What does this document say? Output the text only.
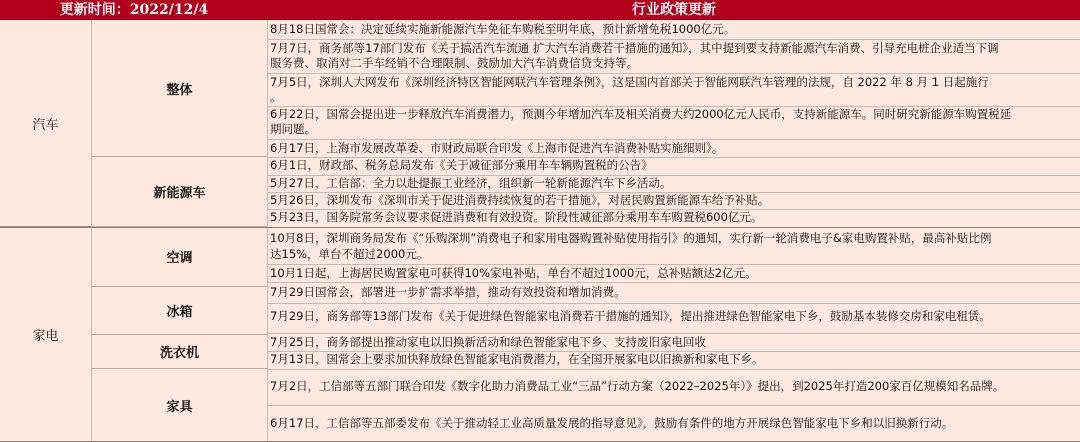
更新时间：2022/12/4	行业政策更新
汽车
家电
整体
新能源车
空调
冰箱
洗衣机
家具
8月18日国常会：决定延续实施新能源汽车免征车购税至明年底，预计新增免税1000亿元。
7月7日，商务部等17部门发布《关于搞活汽车流通 扩大汽车消费若干措施的通知》，其中提到要支持新能源汽车消费、引导充电桩企业适当下调
服务费、取消对二手车经销不合理限制、鼓励加大汽车消费信贷支持等。
7月5日，深圳人大网发布《深圳经济特区智能网联汽车管理条例》，这是国内首部关于智能网联汽车管理的法规，自 2022 年 8 月 1 日起施行
。
6月22日，国常会提出进一步释放汽车消费潜力，预测今年增加汽车及相关消费大约2000亿元人民币，支持新能源车。同时研究新能源车购置税延
期问题。
6月17日，上海市发展改革委、市财政局联合印发《上海市促进汽车消费补贴实施细则》。
6月1日，财政部、税务总局发布《关于减征部分乘用车车辆购置税的公告》
5月27日，工信部：全力以赴提振工业经济，组织新一轮新能源汽车下乡活动。
5月26日，深圳发布《深圳市关于促进消费持续恢复的若干措施》，对居民购置新能源车给予补贴。
5月23日，国务院常务会议要求促进消费和有效投资。阶段性减征部分乘用车车购置税600亿元。
10月8日，深圳商务局发布《“乐购深圳”消费电子和家用电器购置补贴使用指引》的通知，实行新一轮消费电子&家电购置补贴，最高补贴比例
达15%，单台不超过2000元。
10月1日起，上海居民购置家电可获得10%家电补贴，单台不超过1000元，总补贴额达2亿元。
7月29日国常会，部署进一步扩需求举措，推动有效投资和增加消费。
7月29日，商务部等13部门发布《关于促进绿色智能家电消费若干措施的通知》，提出推进绿色智能家电下乡，鼓励基本装修交房和家电租赁。
7月25日，商务部提出推动家电以旧换新活动和绿色智能家电下乡、支持废旧家电回收
7月13日，国常会上要求加快释放绿色智能家电消费潜力，在全国开展家电以旧换新和家电下乡。
7月2日，工信部等五部门联合印发《数字化助力消费品工业“三品”行动方案（2022–2025年）》提出，到2025年打造200家百亿规模知名品牌。
6月17日，工信部等五部委发布《关于推动轻工业高质量发展的指导意见》，鼓励有条件的地方开展绿色智能家电下乡和以旧换新行动。
